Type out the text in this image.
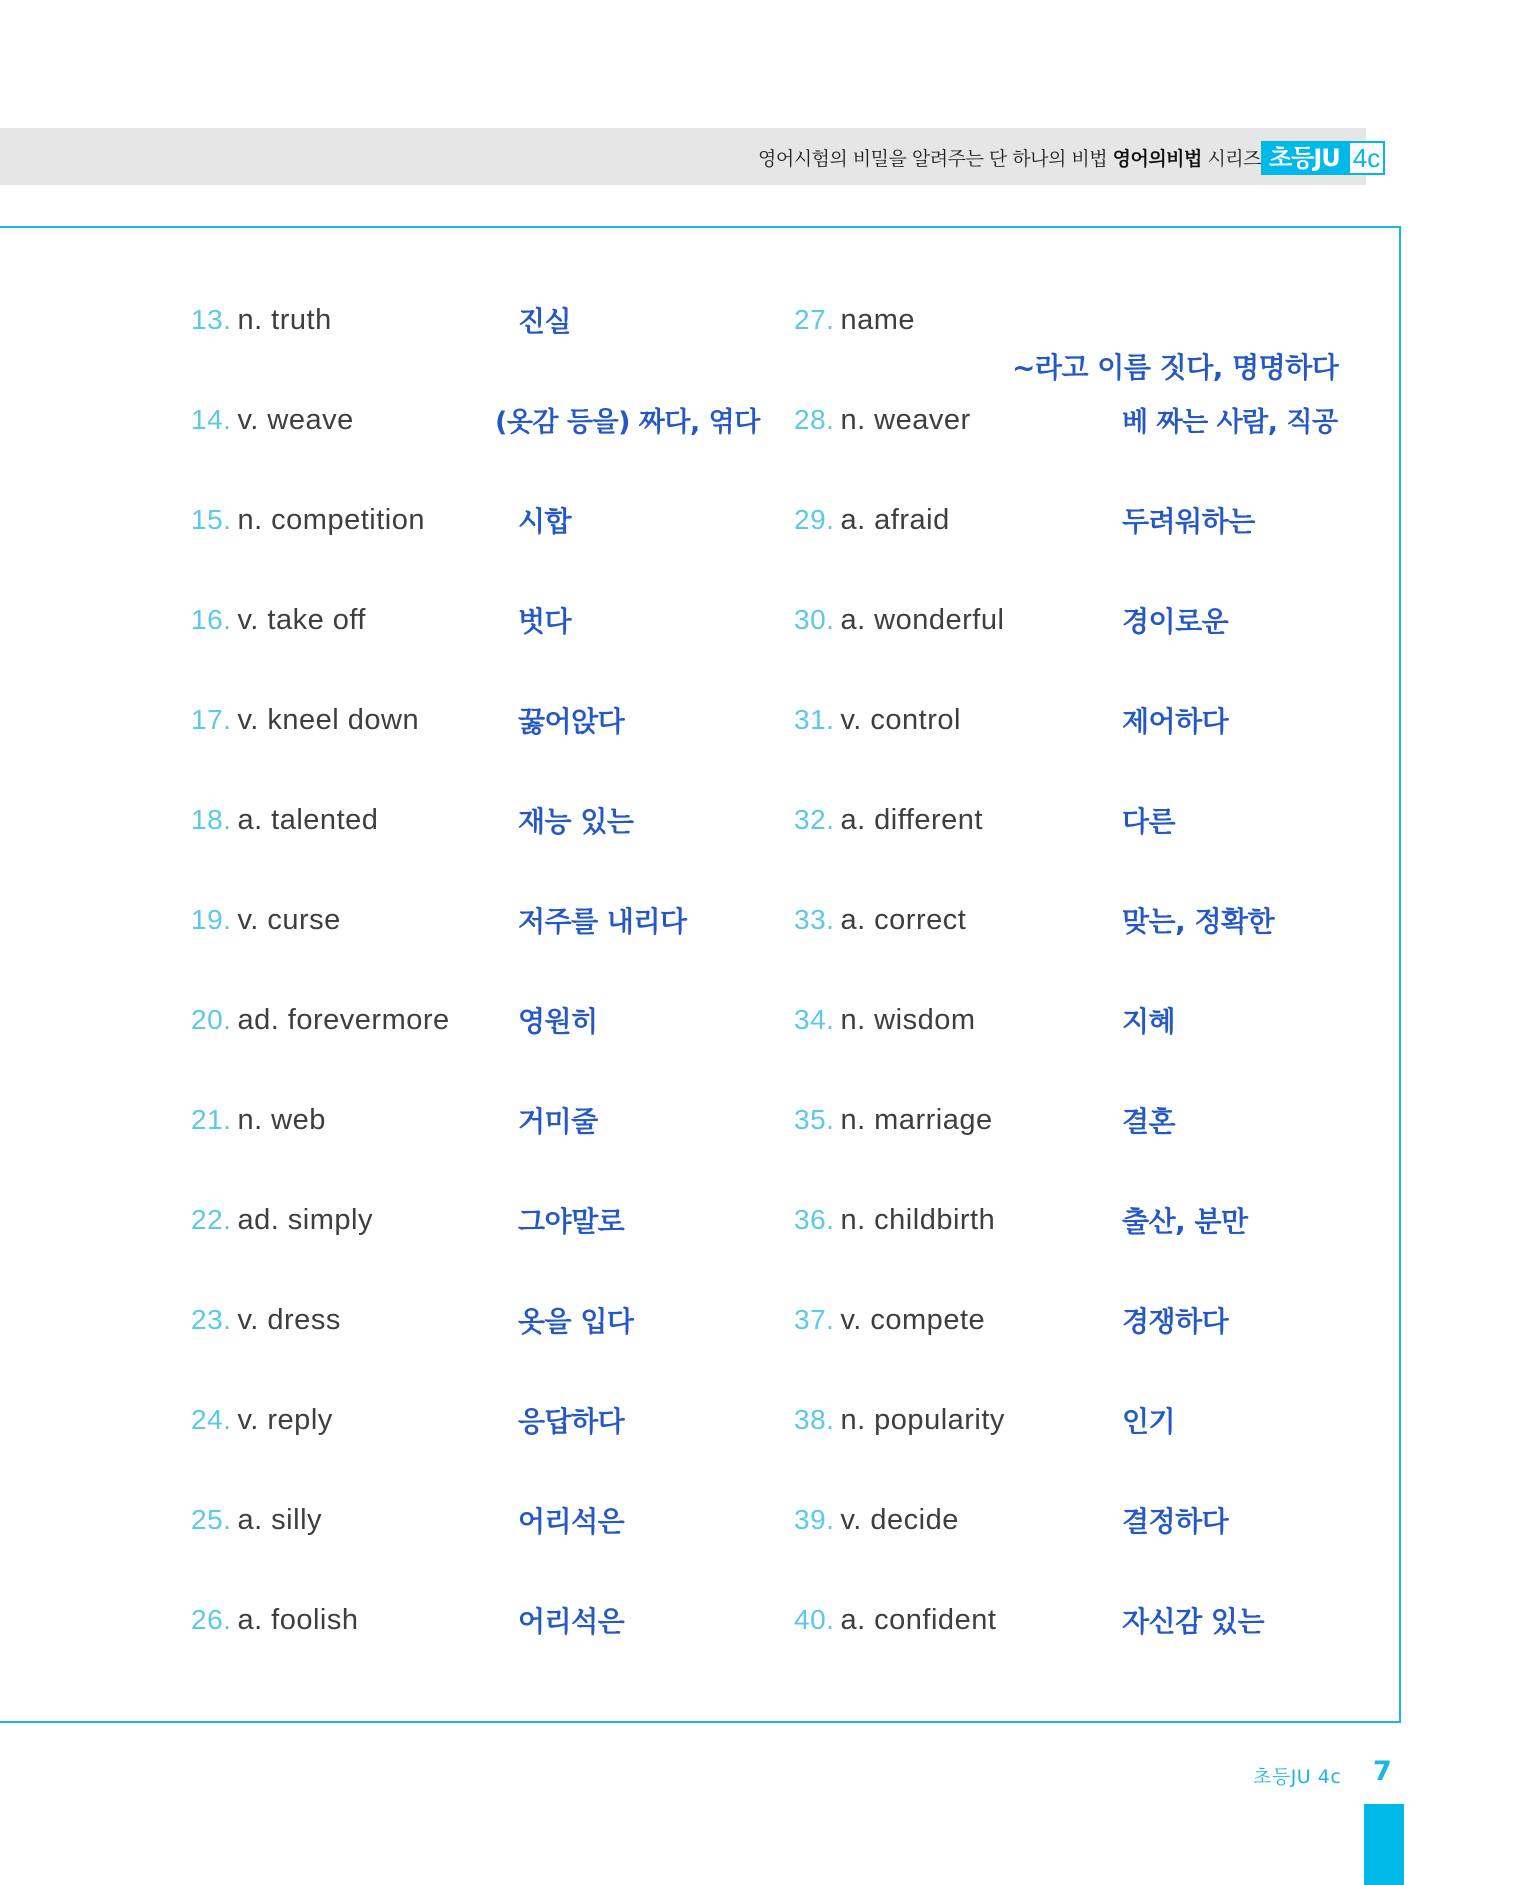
영어시험의 비밀을 알려주는 단 하나의 비법 영어의비법 시리즈 초등JU 4c
13. n. truth	진실
14. v. weave	(옷감 등을) 짜다, 엮다
15. n. competition	시합
16. v. take off	벗다
17. v. kneel down	꿇어앉다
18. a. talented	재능 있는
19. v. curse	저주를 내리다
20. ad. forevermore 영원히
21. n. web	거미줄
22. ad. simply	그야말로
23. v. dress	옷을 입다
24. v. reply	응답하다
25. a. silly	어리석은
26. a. foolish	어리석은
27. name
~라고 이름 짓다, 명명하다
28. n. weaver	베 짜는 사람, 직공
29. a. afraid	두려워하는
30. a. wonderful	경이로운
31. v. control	제어하다
32. a. different	다른
33. a. correct	맞는, 정확한
34. n. wisdom	지혜
35. n. marriage	결혼
36. n. childbirth	출산, 분만
37. v. compete	경쟁하다
38. n. popularity	인기
39. v. decide	결정하다
40. a. confident	자신감 있는
초등JU 4c 7
